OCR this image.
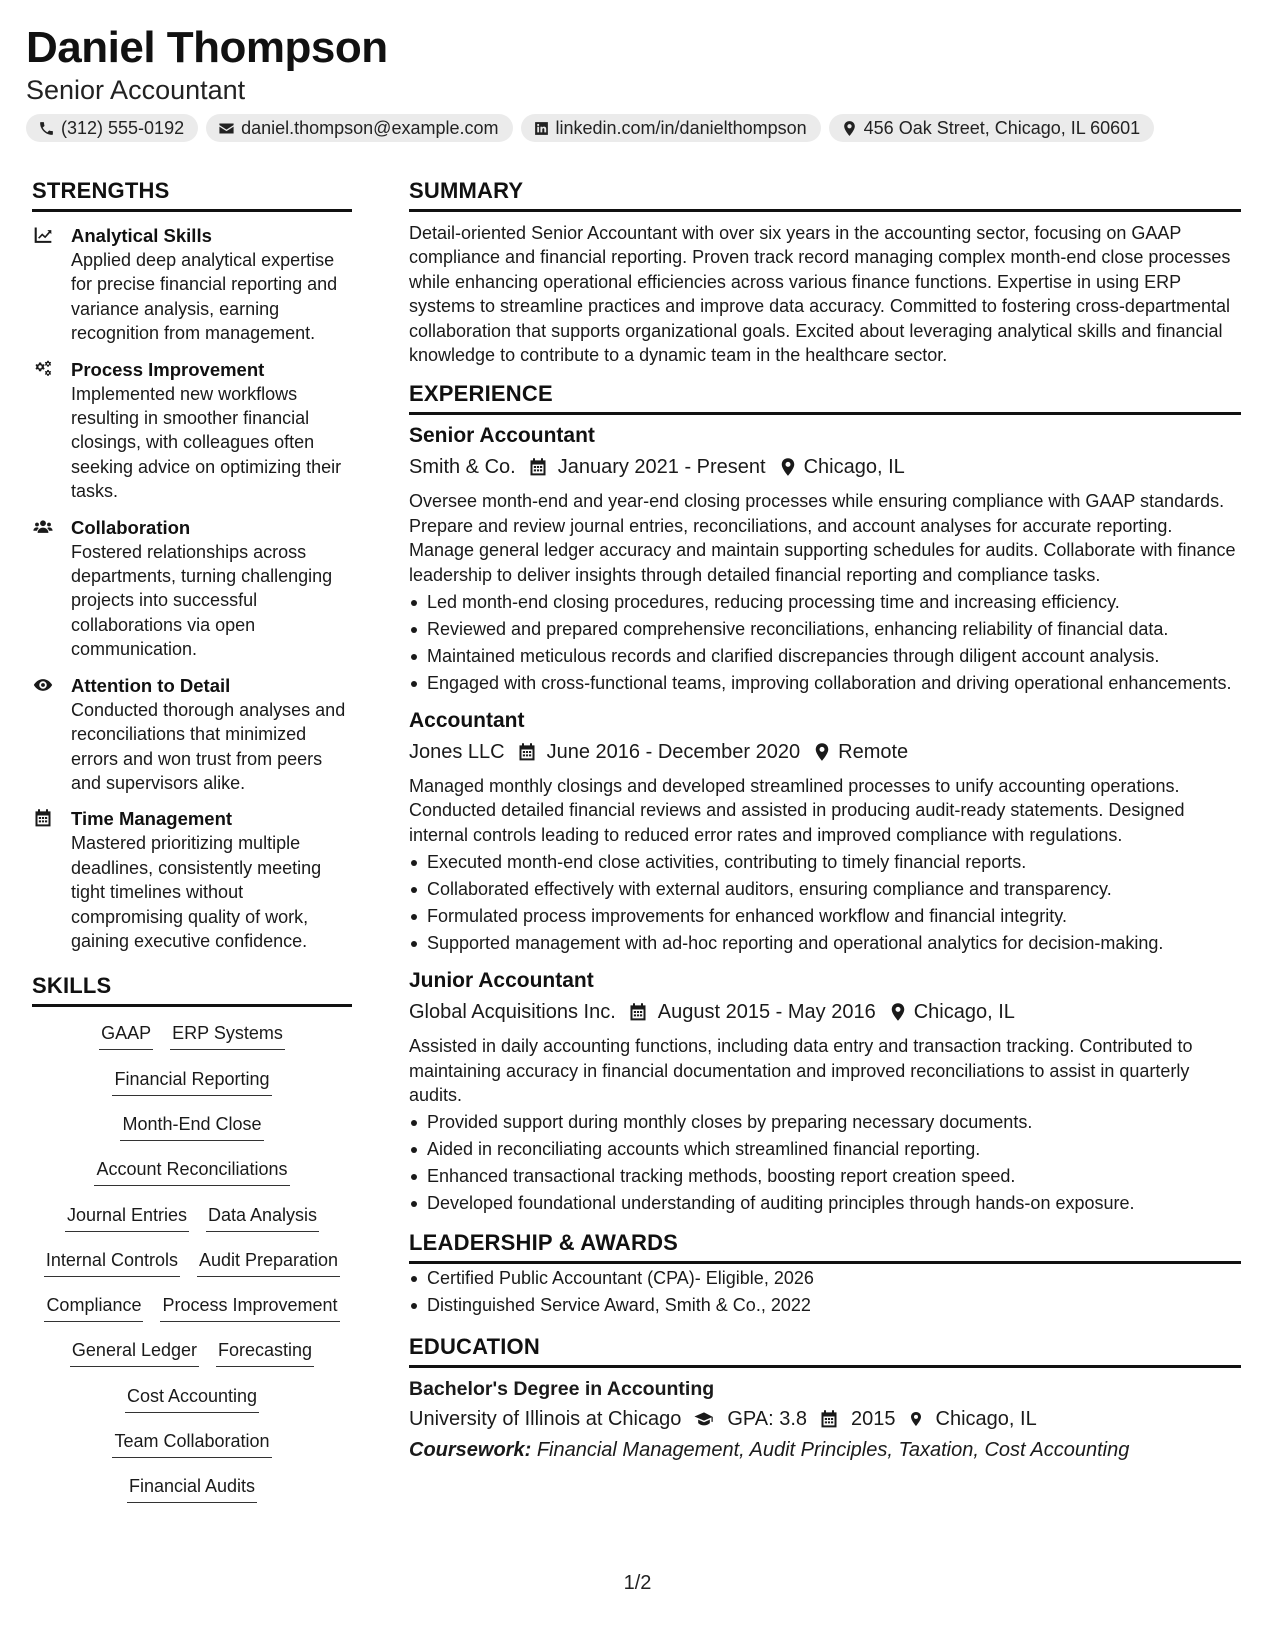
Daniel Thompson
Senior Accountant
(312) 555-0192	daniel.thompson@example.com	linkedin.com/in/danielthompson	456 Oak Street, Chicago, IL 60601
STRENGTHS
Analytical Skills
Applied deep analytical expertise for precise financial reporting and variance analysis, earning recognition from management.
Process Improvement
Implemented new workflows resulting in smoother financial closings, with colleagues often seeking advice on optimizing their tasks.
Collaboration
Fostered relationships across departments, turning challenging projects into successful collaborations via open communication.
Attention to Detail
Conducted thorough analyses and reconciliations that minimized errors and won trust from peers and supervisors alike.
Time Management
Mastered prioritizing multiple deadlines, consistently meeting tight timelines without compromising quality of work, gaining executive confidence.
SKILLS
GAAP ERP Systems
Financial Reporting
Month-End Close
Account Reconciliations
Journal Entries Data Analysis
Internal Controls Audit Preparation
Compliance Process Improvement
General Ledger Forecasting
Cost Accounting
Team Collaboration
Financial Audits
SUMMARY
Detail-oriented Senior Accountant with over six years in the accounting sector, focusing on GAAP compliance and financial reporting. Proven track record managing complex month-end close processes while enhancing operational efficiencies across various finance functions. Expertise in using ERP systems to streamline practices and improve data accuracy. Committed to fostering cross-departmental collaboration that supports organizational goals. Excited about leveraging analytical skills and financial knowledge to contribute to a dynamic team in the healthcare sector.
EXPERIENCE
Senior Accountant
Smith & Co. January 2021 - Present Chicago, IL
Oversee month-end and year-end closing processes while ensuring compliance with GAAP standards. Prepare and review journal entries, reconciliations, and account analyses for accurate reporting. Manage general ledger accuracy and maintain supporting schedules for audits. Collaborate with finance leadership to deliver insights through detailed financial reporting and compliance tasks.
Led month-end closing procedures, reducing processing time and increasing efficiency.
Reviewed and prepared comprehensive reconciliations, enhancing reliability of financial data.
Maintained meticulous records and clarified discrepancies through diligent account analysis.
Engaged with cross-functional teams, improving collaboration and driving operational enhancements.
Accountant
Jones LLC June 2016 - December 2020 Remote
Managed monthly closings and developed streamlined processes to unify accounting operations. Conducted detailed financial reviews and assisted in producing audit-ready statements. Designed internal controls leading to reduced error rates and improved compliance with regulations.
Executed month-end close activities, contributing to timely financial reports.
Collaborated effectively with external auditors, ensuring compliance and transparency.
Formulated process improvements for enhanced workflow and financial integrity.
Supported management with ad-hoc reporting and operational analytics for decision-making.
Junior Accountant
Global Acquisitions Inc. August 2015 - May 2016 Chicago, IL
Assisted in daily accounting functions, including data entry and transaction tracking. Contributed to maintaining accuracy in financial documentation and improved reconciliations to assist in quarterly audits.
Provided support during monthly closes by preparing necessary documents.
Aided in reconciliating accounts which streamlined financial reporting.
Enhanced transactional tracking methods, boosting report creation speed.
Developed foundational understanding of auditing principles through hands-on exposure.
LEADERSHIP & AWARDS
Certified Public Accountant (CPA)- Eligible, 2026
Distinguished Service Award, Smith & Co., 2022
EDUCATION
Bachelor's Degree in Accounting
University of Illinois at Chicago GPA: 3.8 2015 Chicago, IL
Coursework: Financial Management, Audit Principles, Taxation, Cost Accounting
1/2
